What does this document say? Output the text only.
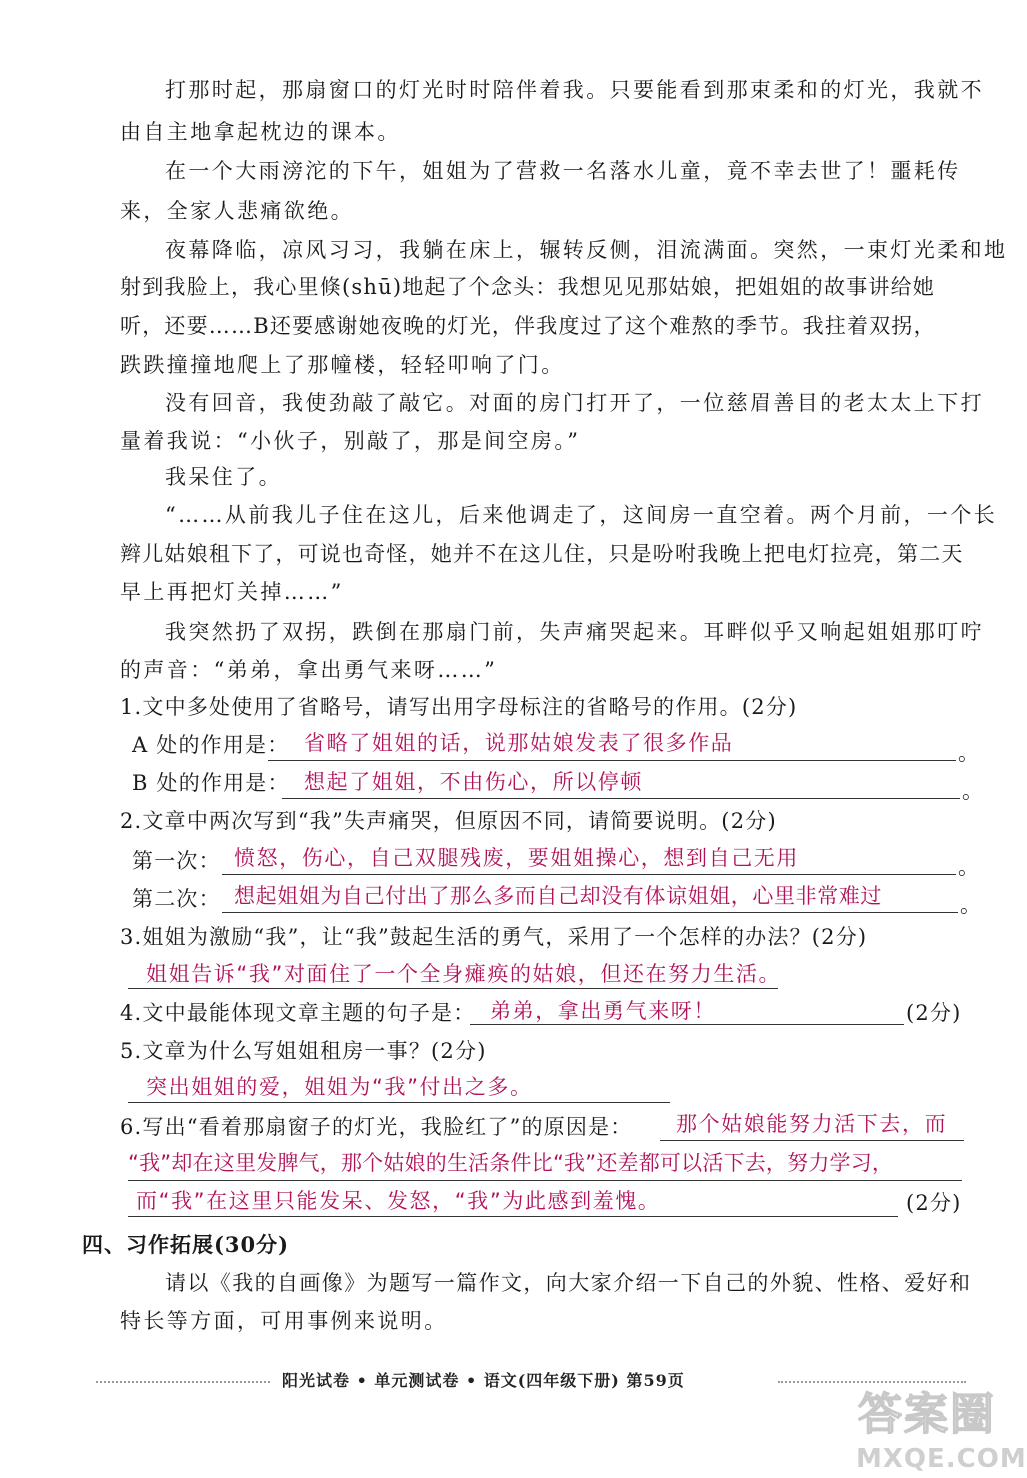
打那时起，那扇窗口的灯光时时陪伴着我。只要能看到那束柔和的灯光，我就不
由自主地拿起枕边的课本。
在一个大雨滂沱的下午，姐姐为了营救一名落水儿童，竟不幸去世了！噩耗传
来，全家人悲痛欲绝。
夜幕降临，凉风习习，我躺在床上，辗转反侧，泪流满面。突然，一束灯光柔和地
射到我脸上，我心里倏(shū)地起了个念头：我想见见那姑娘，把姐姐的故事讲给她
听，还要……B还要感谢她夜晚的灯光，伴我度过了这个难熬的季节。我拄着双拐，
跌跌撞撞地爬上了那幢楼，轻轻叩响了门。
没有回音，我使劲敲了敲它。对面的房门打开了，一位慈眉善目的老太太上下打
量着我说：“小伙子，别敲了，那是间空房。”
我呆住了。
“……从前我儿子住在这儿，后来他调走了，这间房一直空着。两个月前，一个长
辫儿姑娘租下了，可说也奇怪，她并不在这儿住，只是吩咐我晚上把电灯拉亮，第二天
早上再把灯关掉……”
我突然扔了双拐，跌倒在那扇门前，失声痛哭起来。耳畔似乎又响起姐姐那叮咛
的声音：“弟弟，拿出勇气来呀……”
1.文中多处使用了省略号，请写出用字母标注的省略号的作用。(2分)
A 处的作用是： 省略了姐姐的话，说那姑娘发表了很多作品	。
B 处的作用是： 想起了姐姐，不由伤心，所以停顿	。
2.文章中两次写到“我”失声痛哭，但原因不同，请简要说明。(2分)
第一次： 愤怒，伤心，自己双腿残废，要姐姐操心，想到自己无用	。
第二次： 想起姐姐为自己付出了那么多而自己却没有体谅姐姐，心里非常难过	。
3.姐姐为激励“我”，让“我”鼓起生活的勇气，采用了一个怎样的办法？(2分)
姐姐告诉“我”对面住了一个全身瘫痪的姑娘，但还在努力生活。
4.文中最能体现文章主题的句子是： 弟弟，拿出勇气来呀！	(2分)
5.文章为什么写姐姐租房一事？(2分)
突出姐姐的爱，姐姐为“我”付出之多。
6.写出“看着那扇窗子的灯光，我脸红了”的原因是： 那个姑娘能努力活下去，而
“我”却在这里发脾气，那个姑娘的生活条件比“我”还差都可以活下去，努力学习，
而“我”在这里只能发呆、发怒，“我”为此感到羞愧。	(2分)
四、习作拓展(30分)
请以《我的自画像》为题写一篇作文，向大家介绍一下自己的外貌、性格、爱好和
特长等方面，可用事例来说明。
阳光试卷 • 单元测试卷 • 语文(四年级下册) 第59页
答案圈
MXQE.COM
